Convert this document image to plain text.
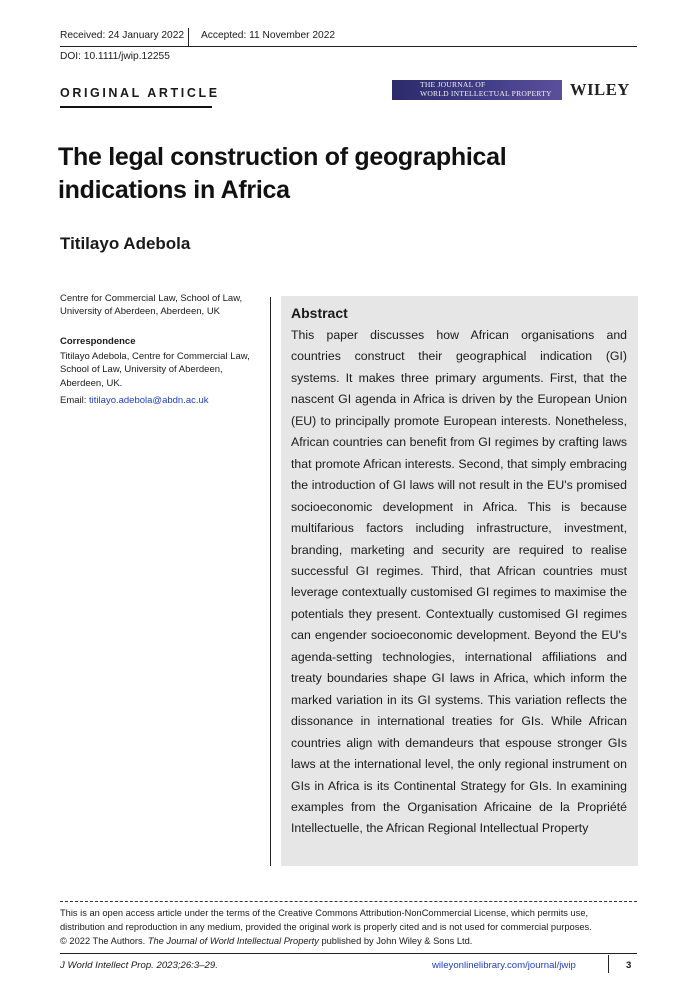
Received: 24 January 2022 Accepted: 11 November 2022
DOI: 10.1111/jwip.12255
ORIGINAL ARTICLE
THE JOURNAL OF
WORLD INTELLECTUAL PROPERTY	WILEY
The legal construction of geographical indications in Africa
Titilayo Adebola
Centre for Commercial Law, School of Law, University of Aberdeen, Aberdeen, UK
Correspondence
Titilayo Adebola, Centre for Commercial Law, School of Law, University of Aberdeen, Aberdeen, UK.
Email: titilayo.adebola@abdn.ac.uk
Abstract
This paper discusses how African organisations and countries construct their geographical indication (GI) systems. It makes three primary arguments. First, that the nascent GI agenda in Africa is driven by the European Union (EU) to principally promote European interests. Nonetheless, African countries can benefit from GI regimes by crafting laws that promote African interests. Second, that simply embracing the introduction of GI laws will not result in the EU's promised socioeconomic development in Africa. This is because multifarious factors including infrastructure, investment, branding, marketing and security are required to realise successful GI regimes. Third, that African countries must leverage contextually customised GI regimes to maximise the potentials they present. Contextually customised GI regimes can engender socioeconomic development. Beyond the EU's agenda-setting technologies, international affiliations and treaty boundaries shape GI laws in Africa, which inform the marked variation in its GI systems. This variation reflects the dissonance in international treaties for GIs. While African countries align with demandeurs that espouse stronger GIs laws at the international level, the only regional instrument on GIs in Africa is its Continental Strategy for GIs. In examining examples from the Organisation Africaine de la Propriété Intellectuelle, the African Regional Intellectual Property
This is an open access article under the terms of the Creative Commons Attribution-NonCommercial License, which permits use,
distribution and reproduction in any medium, provided the original work is properly cited and is not used for commercial purposes.
© 2022 The Authors. The Journal of World Intellectual Property published by John Wiley & Sons Ltd.
J World Intellect Prop. 2023;26:3–29.	wileyonlinelibrary.com/journal/jwip	3
